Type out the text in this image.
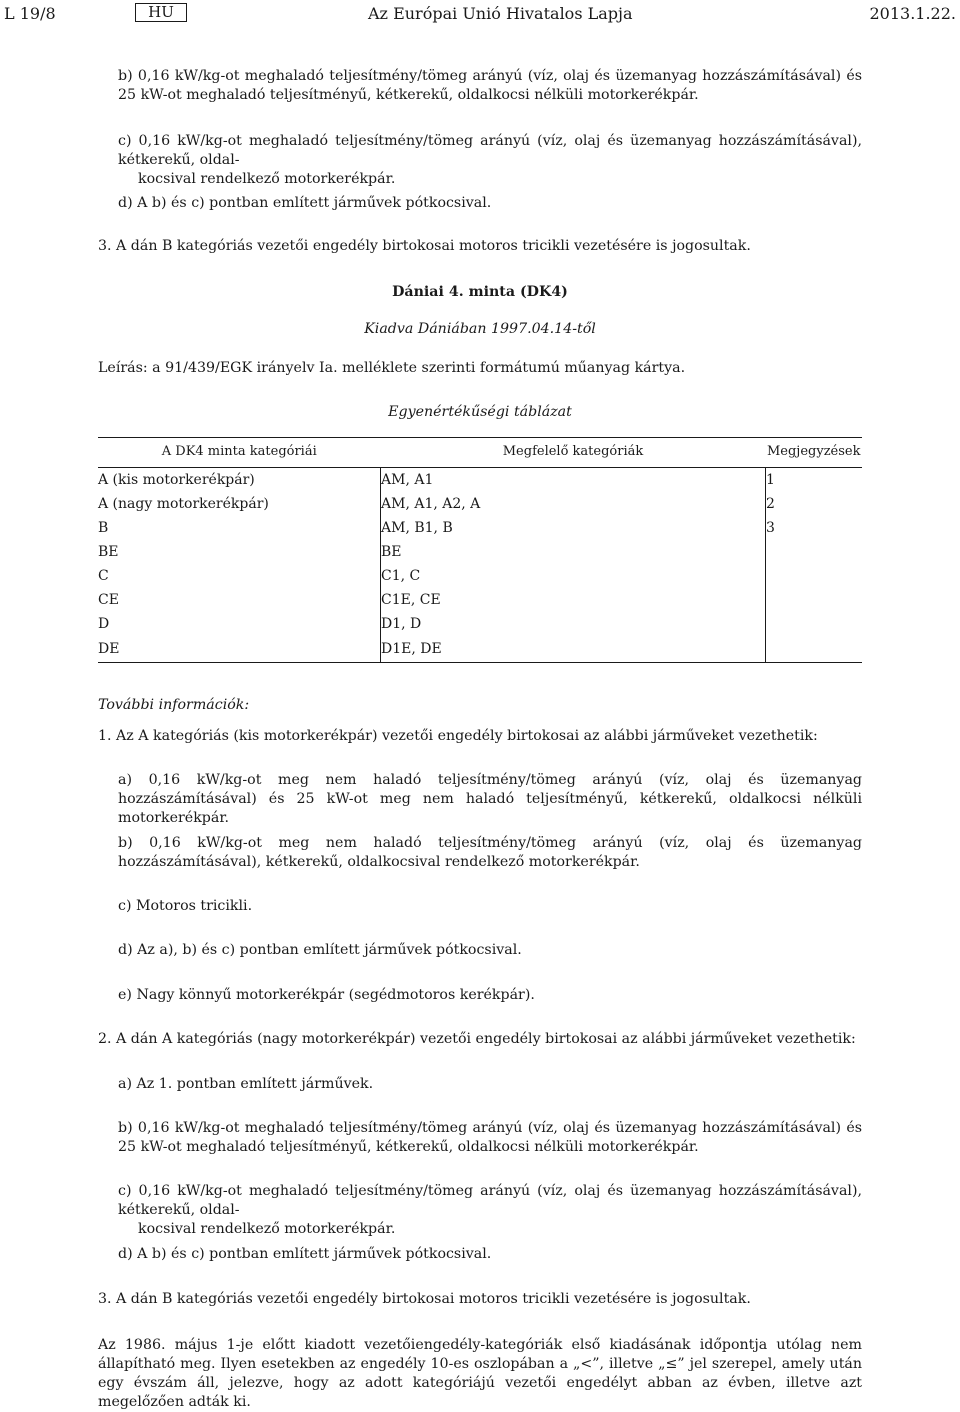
L 19/8	HU	Az Európai Unió Hivatalos Lapja	2013.1.22.
b) 0,16 kW/kg-ot meghaladó teljesítmény/tömeg arányú (víz, olaj és üzemanyag hozzászámításával) és 25 kW-ot meghaladó teljesítményű, kétkerekű, oldalkocsi nélküli motorkerékpár.
c) 0,16 kW/kg-ot meghaladó teljesítmény/tömeg arányú (víz, olaj és üzemanyag hozzászámításával), kétkerekű, oldal-
kocsival rendelkező motorkerékpár.
d) A b) és c) pontban említett járművek pótkocsival.
3. A dán B kategóriás vezetői engedély birtokosai motoros tricikli vezetésére is jogosultak.
Dániai 4. minta (DK4)
Kiadva Dániában 1997.04.14-től
Leírás: a 91/439/EGK irányelv Ia. melléklete szerinti formátumú műanyag kártya.
Egyenértékűségi táblázat
A DK4 minta kategóriái	Megfelelő kategóriák	Megjegyzések
A (kis motorkerékpár)	AM, A1	1
A (nagy motorkerékpár)	AM, A1, A2, A	2
B	AM, B1, B	3
BE	BE	
C	C1, C	
CE	C1E, CE	
D	D1, D	
DE	D1E, DE	
További információk:
1. Az A kategóriás (kis motorkerékpár) vezetői engedély birtokosai az alábbi járműveket vezethetik:
a) 0,16 kW/kg-ot meg nem haladó teljesítmény/tömeg arányú (víz, olaj és üzemanyag hozzászámításával) és 25 kW-ot meg nem haladó teljesítményű, kétkerekű, oldalkocsi nélküli motorkerékpár.
b) 0,16 kW/kg-ot meg nem haladó teljesítmény/tömeg arányú (víz, olaj és üzemanyag hozzászámításával), kétkerekű, oldalkocsival rendelkező motorkerékpár.
c) Motoros tricikli.
d) Az a), b) és c) pontban említett járművek pótkocsival.
e) Nagy könnyű motorkerékpár (segédmotoros kerékpár).
2. A dán A kategóriás (nagy motorkerékpár) vezetői engedély birtokosai az alábbi járműveket vezethetik:
a) Az 1. pontban említett járművek.
b) 0,16 kW/kg-ot meghaladó teljesítmény/tömeg arányú (víz, olaj és üzemanyag hozzászámításával) és 25 kW-ot meghaladó teljesítményű, kétkerekű, oldalkocsi nélküli motorkerékpár.
c) 0,16 kW/kg-ot meghaladó teljesítmény/tömeg arányú (víz, olaj és üzemanyag hozzászámításával), kétkerekű, oldal-
kocsival rendelkező motorkerékpár.
d) A b) és c) pontban említett járművek pótkocsival.
3. A dán B kategóriás vezetői engedély birtokosai motoros tricikli vezetésére is jogosultak.
Az 1986. május 1-je előtt kiadott vezetőiengedély-kategóriák első kiadásának időpontja utólag nem állapítható meg. Ilyen esetekben az engedély 10-es oszlopában a „<”, illetve „≤” jel szerepel, amely után egy évszám áll, jelezve, hogy az adott kategóriájú vezetői engedélyt abban az évben, illetve azt megelőzően adták ki.
